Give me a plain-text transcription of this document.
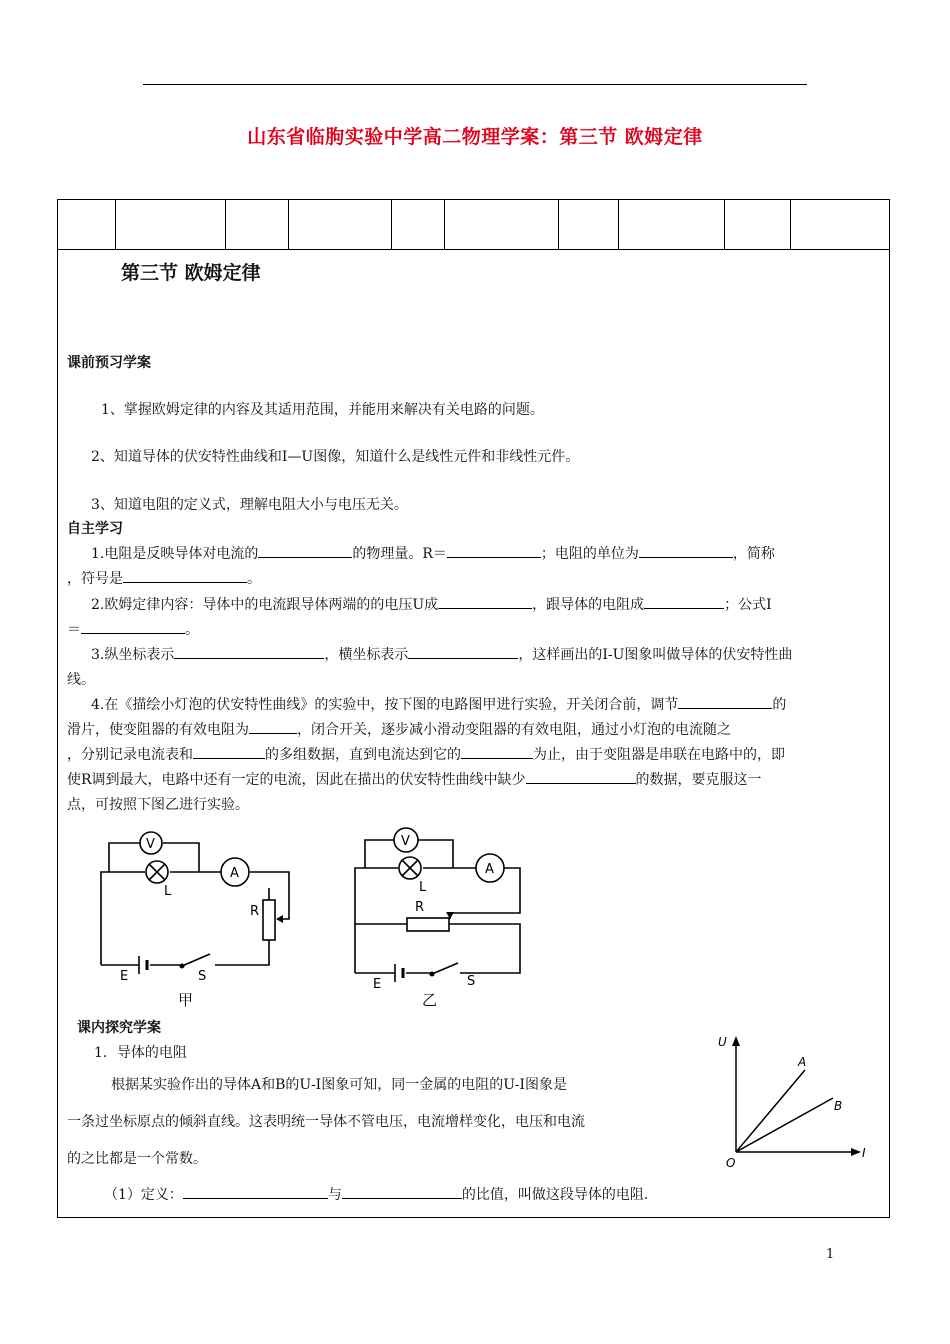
山东省临朐实验中学高二物理学案：第三节 欧姆定律
第三节 欧姆定律
课前预习学案
1、掌握欧姆定律的内容及其适用范围，并能用来解决有关电路的问题。
2、知道导体的伏安特性曲线和I—U图像，知道什么是线性元件和非线性元件。
3、知道电阻的定义式，理解电阻大小与电压无关。
自主学习
1.电阻是反映导体对电流的	的物理量。R＝	；电阻的单位为	，简称
，符号是	。
2.欧姆定律内容：导体中的电流跟导体两端的的电压U成	，跟导体的电阻成	；公式I
＝	。
3.纵坐标表示	，横坐标表示	，这样画出的I-U图象叫做导体的伏安特性曲
线。
4.在《描绘小灯泡的伏安特性曲线》的实验中，按下图的电路图甲进行实验，开关闭合前，调节	的
滑片，使变阻器的有效电阻为	，闭合开关，逐步减小滑动变阻器的有效电阻，通过小灯泡的电流随之
，分别记录电流表和	的多组数据，直到电流达到它的	为止，由于变阻器是串联在电路中的，即
使R调到最大，电路中还有一定的电流，因此在描出的伏安特性曲线中缺少	的数据，要克服这一
点，可按照下图乙进行实验。
课内探究学案
1．导体的电阻
根据某实验作出的导体A和B的U-I图象可知，同一金属的电阻的U-I图象是
一条过坐标原点的倾斜直线。这表明统一导体不管电压，电流增样变化，电压和电流
的之比都是一个常数。
（1）定义：	与	的比值，叫做这段导体的电阻.
V
A
L
R
E	S
甲
V
A
L
R
E	S
乙
U
I
O
A
B
1
